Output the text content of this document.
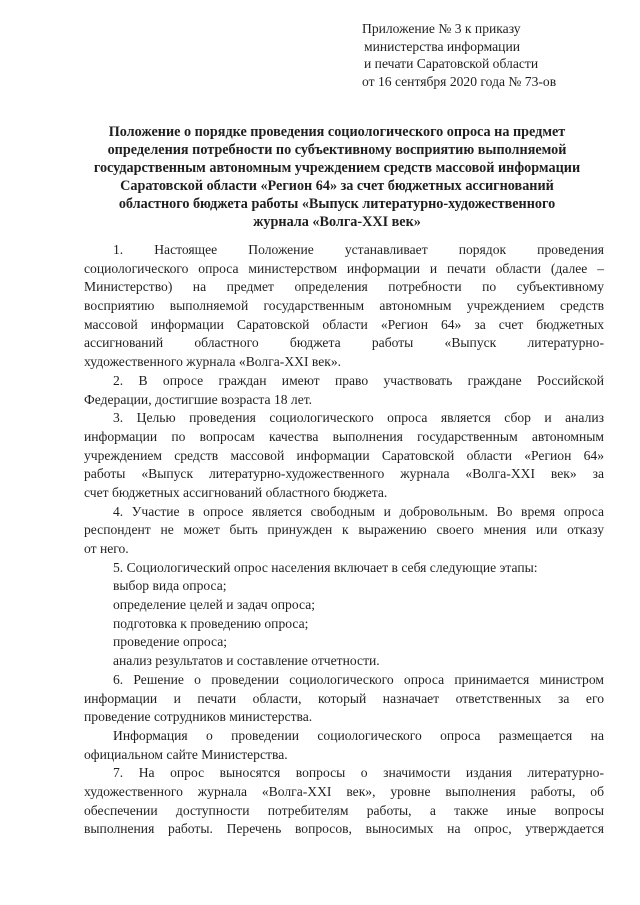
Приложение № 3 к приказу
министерства информации
и печати Саратовской области
от 16 сентября 2020 года № 73-ов
Положение о порядке проведения социологического опроса на предмет
определения потребности по субъективному восприятию выполняемой
государственным автономным учреждением средств массовой информации
Саратовской области «Регион 64» за счет бюджетных ассигнований
областного бюджета работы «Выпуск литературно-художественного
журнала «Волга-XXI век»
1. Настоящее Положение устанавливает порядок проведения
социологического опроса министерством информации и печати области (далее –
Министерство) на предмет определения потребности по субъективному
восприятию выполняемой государственным автономным учреждением средств
массовой информации Саратовской области «Регион 64» за счет бюджетных
ассигнований областного бюджета работы «Выпуск литературно-
художественного журнала «Волга-XXI век».
2. В опросе граждан имеют право участвовать граждане Российской
Федерации, достигшие возраста 18 лет.
3. Целью проведения социологического опроса является сбор и анализ
информации по вопросам качества выполнения государственным автономным
учреждением средств массовой информации Саратовской области «Регион 64»
работы «Выпуск литературно-художественного журнала «Волга-XXI век» за
счет бюджетных ассигнований областного бюджета.
4. Участие в опросе является свободным и добровольным. Во время опроса
респондент не может быть принужден к выражению своего мнения или отказу
от него.
5. Социологический опрос населения включает в себя следующие этапы:
выбор вида опроса;
определение целей и задач опроса;
подготовка к проведению опроса;
проведение опроса;
анализ результатов и составление отчетности.
6. Решение о проведении социологического опроса принимается министром
информации и печати области, который назначает ответственных за его
проведение сотрудников министерства.
Информация о проведении социологического опроса размещается на
официальном сайте Министерства.
7. На опрос выносятся вопросы о значимости издания литературно-
художественного журнала «Волга-XXI век», уровне выполнения работы, об
обеспечении доступности потребителям работы, а также иные вопросы
выполнения работы. Перечень вопросов, выносимых на опрос, утверждается
